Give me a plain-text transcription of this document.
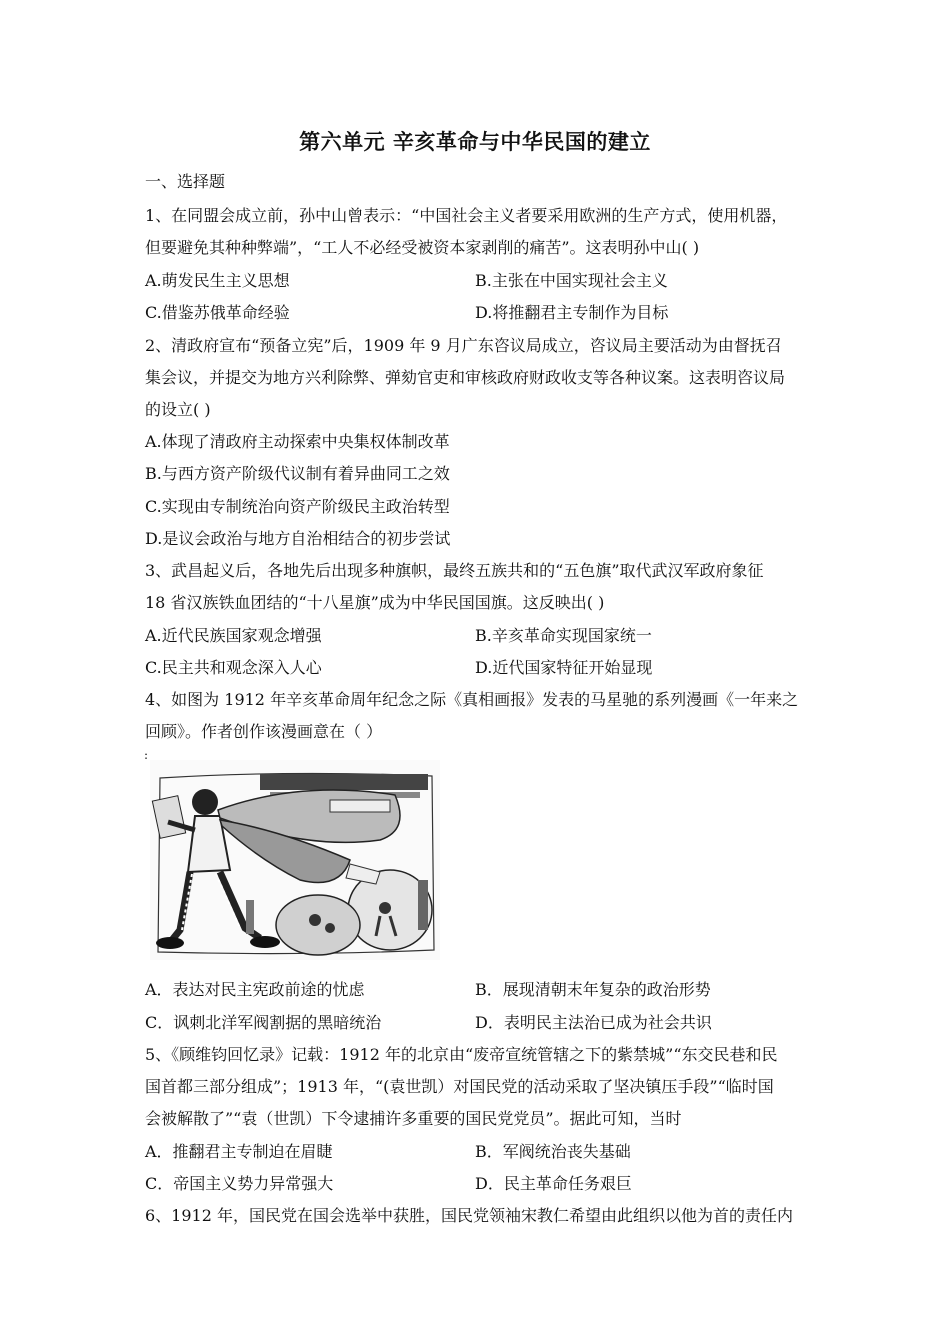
第六单元 辛亥革命与中华民国的建立
一、选择题
1、在同盟会成立前，孙中山曾表示：“中国社会主义者要采用欧洲的生产方式，使用机器，
但要避免其种种弊端”，“工人不必经受被资本家剥削的痛苦”。这表明孙中山( )
A.萌发民生主义思想	B.主张在中国实现社会主义
C.借鉴苏俄革命经验	D.将推翻君主专制作为目标
2、清政府宣布“预备立宪”后，1909 年 9 月广东咨议局成立，咨议局主要活动为由督抚召
集会议，并提交为地方兴利除弊、弹劾官吏和审核政府财政收支等各种议案。这表明咨议局
的设立( )
A.体现了清政府主动探索中央集权体制改革
B.与西方资产阶级代议制有着异曲同工之效
C.实现由专制统治向资产阶级民主政治转型
D.是议会政治与地方自治相结合的初步尝试
3、武昌起义后，各地先后出现多种旗帜，最终五族共和的“五色旗”取代武汉军政府象征
18 省汉族铁血团结的“十八星旗”成为中华民国国旗。这反映出( )
A.近代民族国家观念增强	B.辛亥革命实现国家统一
C.民主共和观念深入人心	D.近代国家特征开始显现
4、如图为 1912 年辛亥革命周年纪念之际《真相画报》发表的马星驰的系列漫画《一年来之
回顾》。作者创作该漫画意在（ ）
:
A．表达对民主宪政前途的忧虑	B．展现清朝末年复杂的政治形势
C．讽刺北洋军阀割据的黑暗统治	D．表明民主法治已成为社会共识
5、《顾维钧回忆录》记载：1912 年的北京由“废帝宣统管辖之下的紫禁城”“东交民巷和民
国首都三部分组成”；1913 年，“(袁世凯）对国民党的活动采取了坚决镇压手段”“临时国
会被解散了”“袁（世凯）下令逮捕许多重要的国民党党员”。据此可知，当时
A．推翻君主专制迫在眉睫	B．军阀统治丧失基础
C．帝国主义势力异常强大	D．民主革命任务艰巨
6、1912 年，国民党在国会选举中获胜，国民党领袖宋教仁希望由此组织以他为首的责任内
